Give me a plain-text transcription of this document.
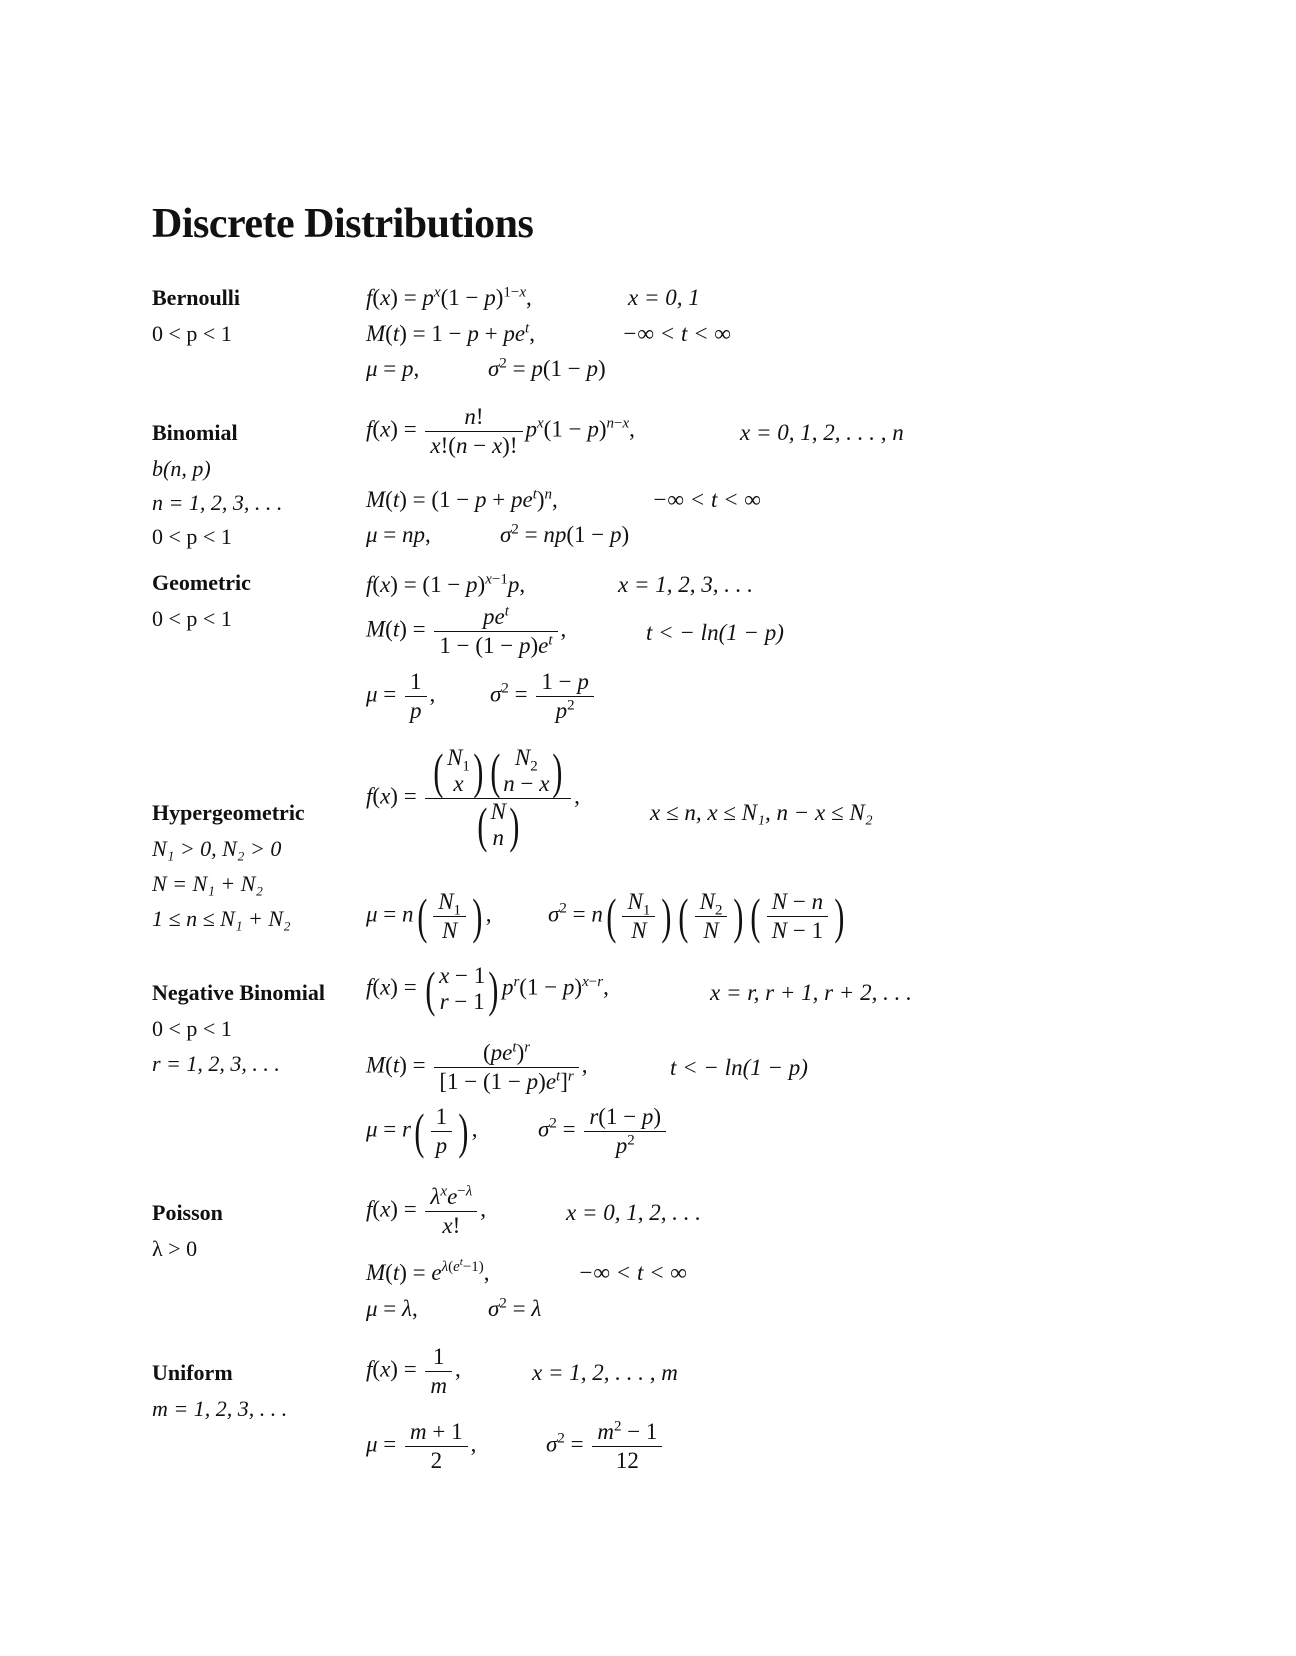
Discrete Distributions
Bernoulli
0 < p < 1
$f(x) = p^x(1 - p)^{1-x}$,	x = 0, 1
$M(t) = 1 - p + pe^t$,	−∞ < t < ∞
μ = p,	$\sigma^2 = p(1 - p)$
Binomial
b(n, p)
n = 1, 2, 3, . . .
0 < p < 1
$f(x) = \frac{n!}{x!(n - x)!} p^x(1 - p)^{n-x}$,	x = 0, 1, 2, . . . , n
$M(t) = (1 - p + pe^t)^n$,	−∞ < t < ∞
μ = np,	$\sigma^2 = np(1 - p)$
Geometric
0 < p < 1
$f(x) = (1 - p)^{x-1}p$,	x = 1, 2, 3, . . .
$M(t) = \frac{pe^t}{1 - (1 - p)e^t}$ ,	t < − ln(1 − p)
$\mu = \frac{1}{p}$ , $\sigma^2 = \frac{1 - p}{p^2}$
Hypergeometric
N₁ > 0, N₂ > 0
N = N₁ + N₂
1 ≤ n ≤ N₁ + N₂
f(x) = ( $N_1$
x ) ( $N_2$
n − x )
( N
n ) ,
x ≤ n, x ≤ N₁, n − x ≤ N₂
μ = n ( $\frac{N_1}{N}$ ) , $\sigma^2 = n$ ( $\frac{N_1}{N}$ ) ( $\frac{N_2}{N}$ ) ( $\frac{N - n}{N - 1}$ )
Negative Binomial
0 < p < 1
r = 1, 2, 3, . . .
f(x) = ( x − 1
r − 1 ) $p^r(1 - p)^{x-r}$,	x = r, r + 1, r + 2, . . .
$M(t) = \frac{(pe^t)^r}{[1 - (1 - p)e^t]^r}$ ,	t < − ln(1 − p)
μ = r ( $\frac{1}{p}$ ) ,	$\sigma^2 = \frac{r(1 - p)}{p^2}$
Poisson
λ > 0
$f(x) = \frac{\lambda^xe^{-\lambda}}{x!}$ ,	x = 0, 1, 2, . . .
$M(t) = e^{\lambda(e^t-1)}$,	−∞ < t < ∞
μ = λ,	$\sigma^2 = \lambda$
Uniform
m = 1, 2, 3, . . .
$f(x) = \frac{1}{m}$ ,	x = 1, 2, . . . , m
$\mu = \frac{m + 1}{2}$ ,	$\sigma^2 = \frac{m^2 - 1}{12}$
